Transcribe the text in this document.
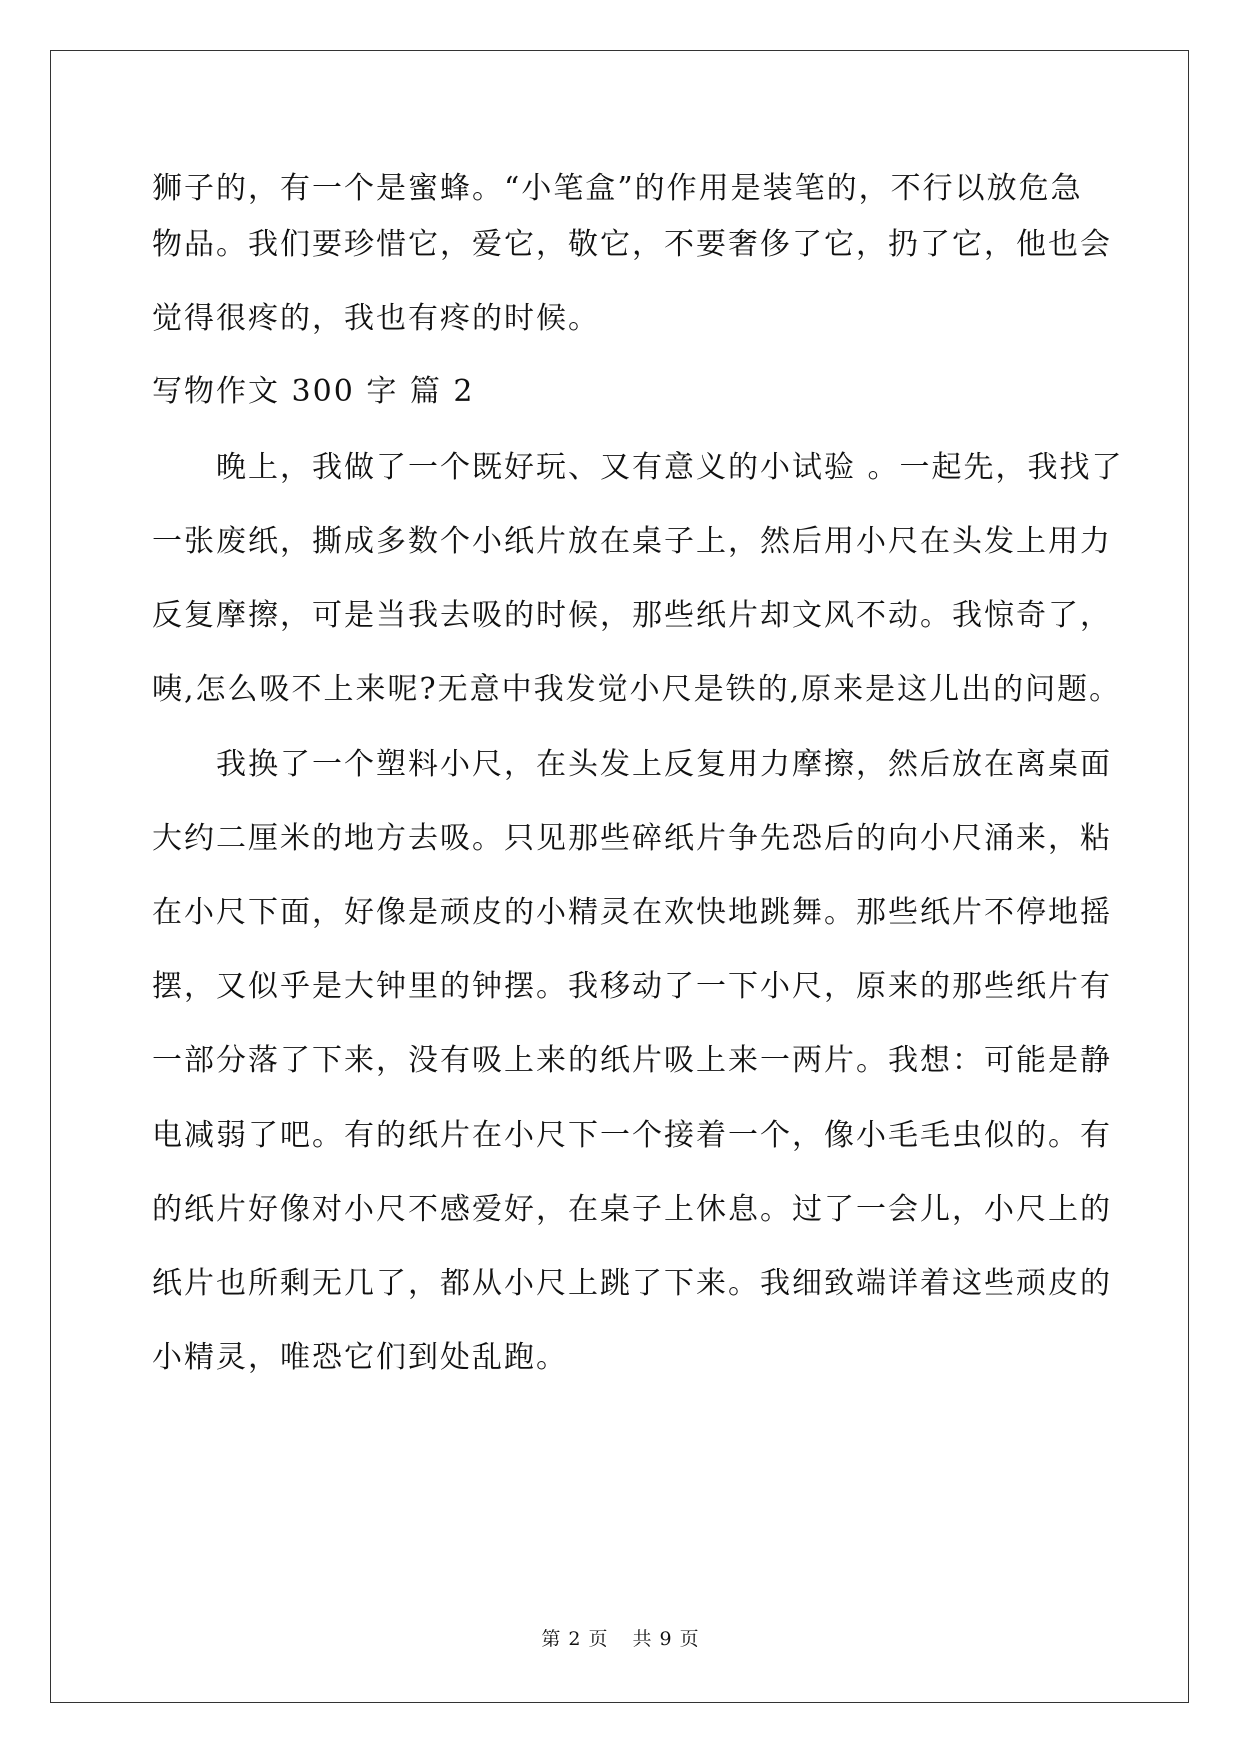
狮子的，有一个是蜜蜂。“小笔盒”的作用是装笔的，不行以放危急
物品。我们要珍惜它，爱它，敬它，不要奢侈了它，扔了它，他也会
觉得很疼的，我也有疼的时候。
写物作文 300 字 篇 2
　　晚上，我做了一个既好玩、又有意义的小试验 。一起先，我找了
一张废纸，撕成多数个小纸片放在桌子上，然后用小尺在头发上用力
反复摩擦，可是当我去吸的时候，那些纸片却文风不动。我惊奇了，
咦,怎么吸不上来呢?无意中我发觉小尺是铁的,原来是这儿出的问题。
　　我换了一个塑料小尺，在头发上反复用力摩擦，然后放在离桌面
大约二厘米的地方去吸。只见那些碎纸片争先恐后的向小尺涌来，粘
在小尺下面，好像是顽皮的小精灵在欢快地跳舞。那些纸片不停地摇
摆，又似乎是大钟里的钟摆。我移动了一下小尺，原来的那些纸片有
一部分落了下来，没有吸上来的纸片吸上来一两片。我想：可能是静
电减弱了吧。有的纸片在小尺下一个接着一个，像小毛毛虫似的。有
的纸片好像对小尺不感爱好，在桌子上休息。过了一会儿，小尺上的
纸片也所剩无几了，都从小尺上跳了下来。我细致端详着这些顽皮的
小精灵，唯恐它们到处乱跑。
第 2 页 共 9 页
